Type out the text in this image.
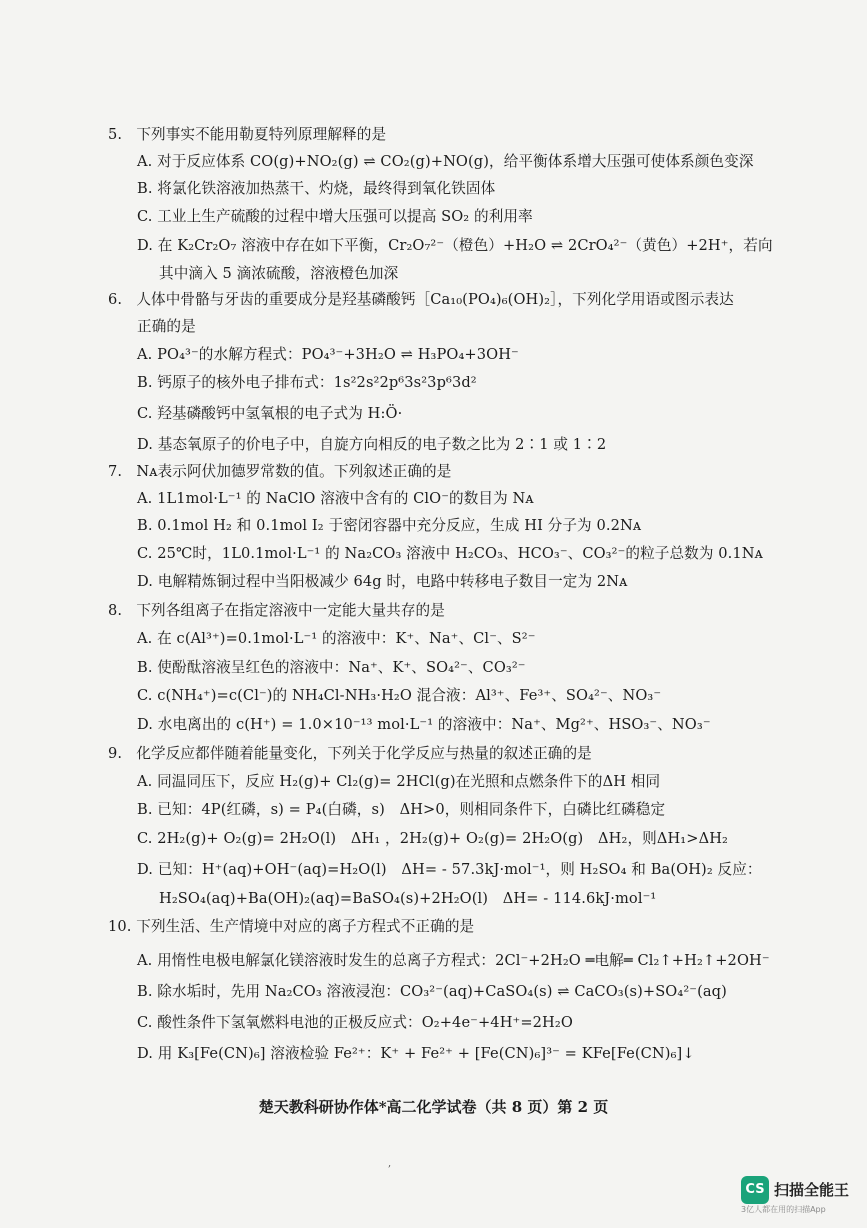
5.   下列事实不能用勒夏特列原理解释的是
A. 对于反应体系 CO(g)+NO₂(g) ⇌ CO₂(g)+NO(g)，给平衡体系增大压强可使体系颜色变深
B. 将氯化铁溶液加热蒸干、灼烧，最终得到氧化铁固体
C. 工业上生产硫酸的过程中增大压强可以提高 SO₂ 的利用率
D. 在 K₂Cr₂O₇ 溶液中存在如下平衡，Cr₂O₇²⁻（橙色）+H₂O ⇌ 2CrO₄²⁻（黄色）+2H⁺，若向
其中滴入 5 滴浓硫酸，溶液橙色加深
6.   人体中骨骼与牙齿的重要成分是羟基磷酸钙［Ca₁₀(PO₄)₆(OH)₂］，下列化学用语或图示表达
正确的是
A. PO₄³⁻的水解方程式：PO₄³⁻+3H₂O ⇌ H₃PO₄+3OH⁻
B. 钙原子的核外电子排布式：1s²2s²2p⁶3s²3p⁶3d²
C. 羟基磷酸钙中氢氧根的电子式为 H:Ö·
D. 基态氧原子的价电子中，自旋方向相反的电子数之比为 2∶1 或 1∶2
7.   Nᴀ表示阿伏加德罗常数的值。下列叙述正确的是
A. 1L1mol·L⁻¹ 的 NaClO 溶液中含有的 ClO⁻的数目为 Nᴀ
B. 0.1mol H₂ 和 0.1mol I₂ 于密闭容器中充分反应，生成 HI 分子为 0.2Nᴀ
C. 25℃时，1L0.1mol·L⁻¹ 的 Na₂CO₃ 溶液中 H₂CO₃、HCO₃⁻、CO₃²⁻的粒子总数为 0.1Nᴀ
D. 电解精炼铜过程中当阳极减少 64g 时，电路中转移电子数目一定为 2Nᴀ
8.   下列各组离子在指定溶液中一定能大量共存的是
A. 在 c(Al³⁺)=0.1mol·L⁻¹ 的溶液中：K⁺、Na⁺、Cl⁻、S²⁻
B. 使酚酞溶液呈红色的溶液中：Na⁺、K⁺、SO₄²⁻、CO₃²⁻
C. c(NH₄⁺)=c(Cl⁻)的 NH₄Cl-NH₃·H₂O 混合液：Al³⁺、Fe³⁺、SO₄²⁻、NO₃⁻
D. 水电离出的 c(H⁺) = 1.0×10⁻¹³ mol·L⁻¹ 的溶液中：Na⁺、Mg²⁺、HSO₃⁻、NO₃⁻
9.   化学反应都伴随着能量变化，下列关于化学反应与热量的叙述正确的是
A. 同温同压下，反应 H₂(g)+ Cl₂(g)= 2HCl(g)在光照和点燃条件下的ΔH 相同
B. 已知：4P(红磷，s) = P₄(白磷，s)　ΔH>0，则相同条件下，白磷比红磷稳定
C. 2H₂(g)+ O₂(g)= 2H₂O(l)　ΔH₁ ，2H₂(g)+ O₂(g)= 2H₂O(g)　ΔH₂，则ΔH₁>ΔH₂
D. 已知：H⁺(aq)+OH⁻(aq)=H₂O(l)　ΔH= - 57.3kJ·mol⁻¹，则 H₂SO₄ 和 Ba(OH)₂ 反应：
H₂SO₄(aq)+Ba(OH)₂(aq)=BaSO₄(s)+2H₂O(l)　ΔH= - 114.6kJ·mol⁻¹
10. 下列生活、生产情境中对应的离子方程式不正确的是
A. 用惰性电极电解氯化镁溶液时发生的总离子方程式：2Cl⁻+2H₂O ═电解═ Cl₂↑+H₂↑+2OH⁻
B. 除水垢时，先用 Na₂CO₃ 溶液浸泡：CO₃²⁻(aq)+CaSO₄(s) ⇌ CaCO₃(s)+SO₄²⁻(aq)
C. 酸性条件下氢氧燃料电池的正极反应式：O₂+4e⁻+4H⁺=2H₂O
D. 用 K₃[Fe(CN)₆] 溶液检验 Fe²⁺：K⁺ + Fe²⁺ + [Fe(CN)₆]³⁻ = KFe[Fe(CN)₆]↓
楚天教科研协作体*高二化学试卷（共 8 页）第 2 页
,
CS 扫描全能王
3亿人都在用的扫描App
